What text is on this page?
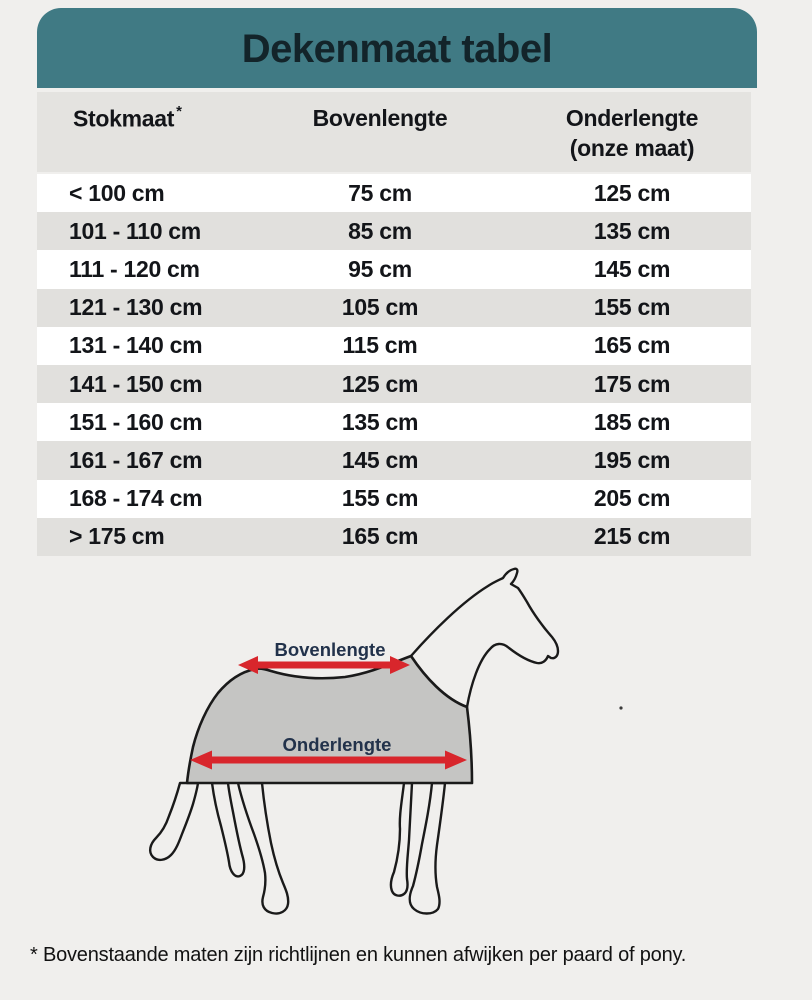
Dekenmaat tabel
Stokmaat *	Bovenlengte	Onderlengte
(onze maat)
< 100 cm	75 cm	125 cm
101 - 110 cm	85 cm	135 cm
111 - 120 cm	95 cm	145 cm
121 - 130 cm	105 cm	155 cm
131 - 140 cm	115 cm	165 cm
141 - 150 cm	125 cm	175 cm
151 - 160 cm	135 cm	185 cm
161 - 167 cm	145 cm	195 cm
168 - 174 cm	155 cm	205 cm
> 175 cm	165 cm	215 cm
Bovenlengte
Onderlengte
* Bovenstaande maten zijn richtlijnen en kunnen afwijken per paard of pony.
